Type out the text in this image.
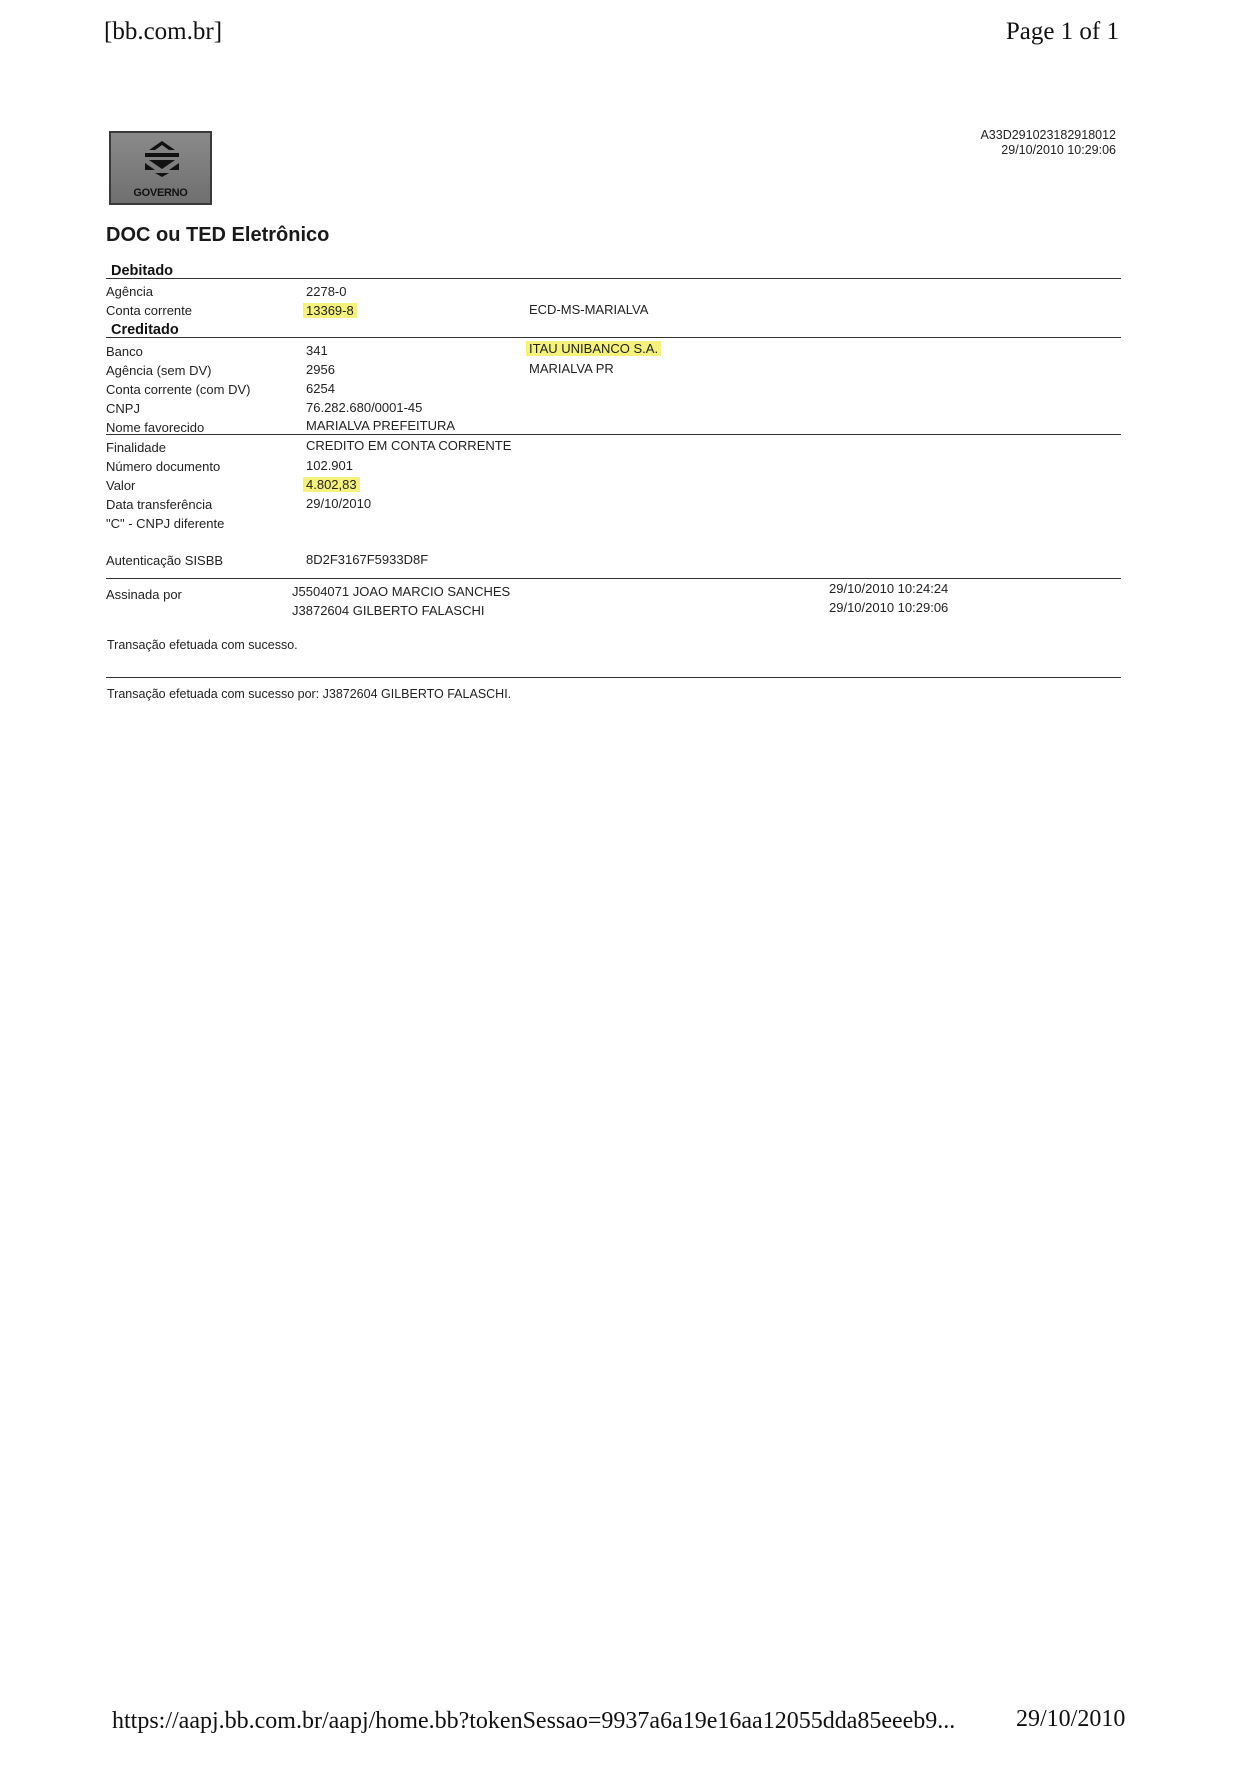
[bb.com.br]	Page 1 of 1
GOVERNO
A33D291023182918012
29/10/2010 10:29:06
DOC ou TED Eletrônico
Debitado
Agência	2278-0
Conta corrente	13369-8	ECD-MS-MARIALVA
Creditado
Banco	341	ITAU UNIBANCO S.A.
Agência (sem DV)	2956	MARIALVA PR
Conta corrente (com DV)	6254
CNPJ	76.282.680/0001-45
Nome favorecido	MARIALVA PREFEITURA
Finalidade	CREDITO EM CONTA CORRENTE
Número documento	102.901
Valor	4.802,83
Data transferência	29/10/2010
"C" - CNPJ diferente
Autenticação SISBB	8D2F3167F5933D8F
Assinada por	J5504071 JOAO MARCIO SANCHES	29/10/2010 10:24:24
J3872604 GILBERTO FALASCHI	29/10/2010 10:29:06
Transação efetuada com sucesso.
Transação efetuada com sucesso por: J3872604 GILBERTO FALASCHI.
https://aapj.bb.com.br/aapj/home.bb?tokenSessao=9937a6a19e16aa12055dda85eeeb9...	29/10/2010
